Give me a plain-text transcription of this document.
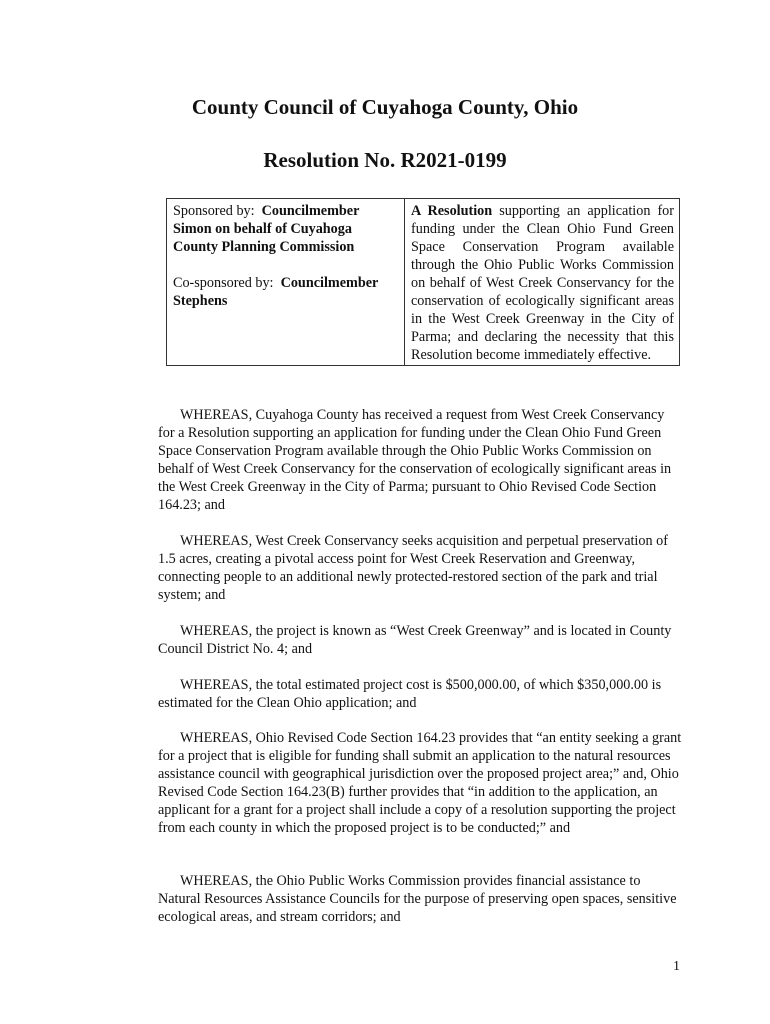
County Council of Cuyahoga County, Ohio
Resolution No. R2021-0199
Sponsored by: Councilmember Simon on behalf of Cuyahoga County Planning Commission
Co-sponsored by: Councilmember Stephens
	A Resolution supporting an application for funding under the Clean Ohio Fund Green Space Conservation Program available through the Ohio Public Works Commission on behalf of West Creek Conservancy for the conservation of ecologically significant areas in the West Creek Greenway in the City of Parma; and declaring the necessity that this Resolution become immediately effective.

WHEREAS, Cuyahoga County has received a request from West Creek Conservancy for a Resolution supporting an application for funding under the Clean Ohio Fund Green Space Conservation Program available through the Ohio Public Works Commission on behalf of West Creek Conservancy for the conservation of ecologically significant areas in the West Creek Greenway in the City of Parma; pursuant to Ohio Revised Code Section 164.23; and

WHEREAS, West Creek Conservancy seeks acquisition and perpetual preservation of 1.5 acres, creating a pivotal access point for West Creek Reservation and Greenway, connecting people to an additional newly protected-restored section of the park and trial system; and

WHEREAS, the project is known as “West Creek Greenway” and is located in County Council District No. 4; and

WHEREAS, the total estimated project cost is $500,000.00, of which $350,000.00 is estimated for the Clean Ohio application; and

WHEREAS, Ohio Revised Code Section 164.23 provides that “an entity seeking a grant for a project that is eligible for funding shall submit an application to the natural resources assistance council with geographical jurisdiction over the proposed project area;” and, Ohio Revised Code Section 164.23(B) further provides that “in addition to the application, an applicant for a grant for a project shall include a copy of a resolution supporting the project from each county in which the proposed project is to be conducted;” and

WHEREAS, the Ohio Public Works Commission provides financial assistance to Natural Resources Assistance Councils for the purpose of preserving open spaces, sensitive ecological areas, and stream corridors; and

1
